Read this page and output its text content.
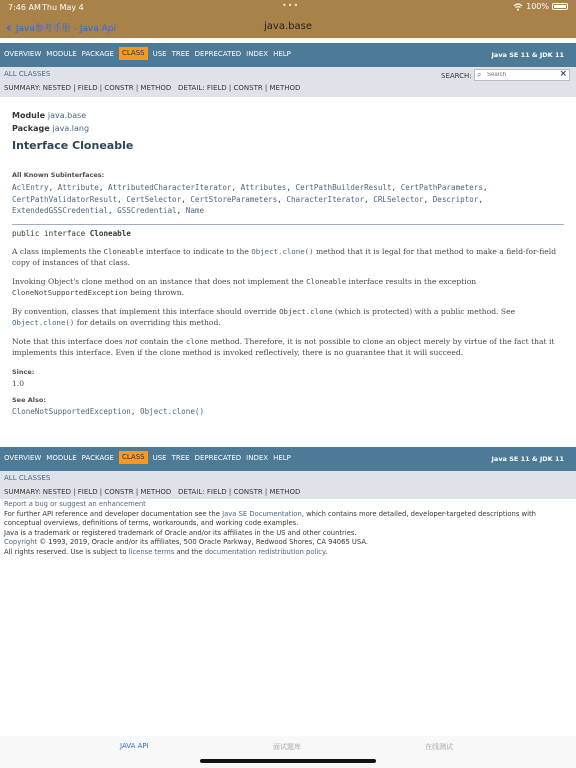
7:46 AM Thu May 4	•••	100%
‹ Java参考手册 - Java Api	java.base
OVERVIEW MODULE PACKAGE	CLASS	USE TREE DEPRECATED INDEX HELP	Java SE 11 & JDK 11
ALL CLASSES
SUMMARY: NESTED | FIELD | CONSTR | METHOD DETAIL: FIELD | CONSTR | METHOD
SEARCH: ⌕
Search	×
Module java.base
Package java.lang
Interface Cloneable
All Known Subinterfaces:
AclEntry, Attribute, AttributedCharacterIterator, Attributes, CertPathBuilderResult, CertPathParameters, CertPathValidatorResult, CertSelector, CertStoreParameters, CharacterIterator, CRLSelector, Descriptor, ExtendedGSSCredential, GSSCredential, Name
public interface Cloneable
A class implements the Cloneable interface to indicate to the Object.clone() method that it is legal for that method to make a field-for-field copy of instances of that class.
Invoking Object's clone method on an instance that does not implement the Cloneable interface results in the exception CloneNotSupportedException being thrown.
By convention, classes that implement this interface should override Object.clone (which is protected) with a public method. See Object.clone() for details on overriding this method.
Note that this interface does not contain the clone method. Therefore, it is not possible to clone an object merely by virtue of the fact that it implements this interface. Even if the clone method is invoked reflectively, there is no guarantee that it will succeed.
Since:
1.0
See Also:
CloneNotSupportedException, Object.clone()
OVERVIEW MODULE PACKAGE	CLASS	USE TREE DEPRECATED INDEX HELP	Java SE 11 & JDK 11
ALL CLASSES
SUMMARY: NESTED | FIELD | CONSTR | METHOD DETAIL: FIELD | CONSTR | METHOD
Report a bug or suggest an enhancement
For further API reference and developer documentation see the Java SE Documentation, which contains more detailed, developer-targeted descriptions with conceptual overviews, definitions of terms, workarounds, and working code examples.
Java is a trademark or registered trademark of Oracle and/or its affiliates in the US and other countries.
Copyright © 1993, 2019, Oracle and/or its affiliates, 500 Oracle Parkway, Redwood Shores, CA 94065 USA.
All rights reserved. Use is subject to license terms and the documentation redistribution policy.
JAVA API	面试题库	在线测试
